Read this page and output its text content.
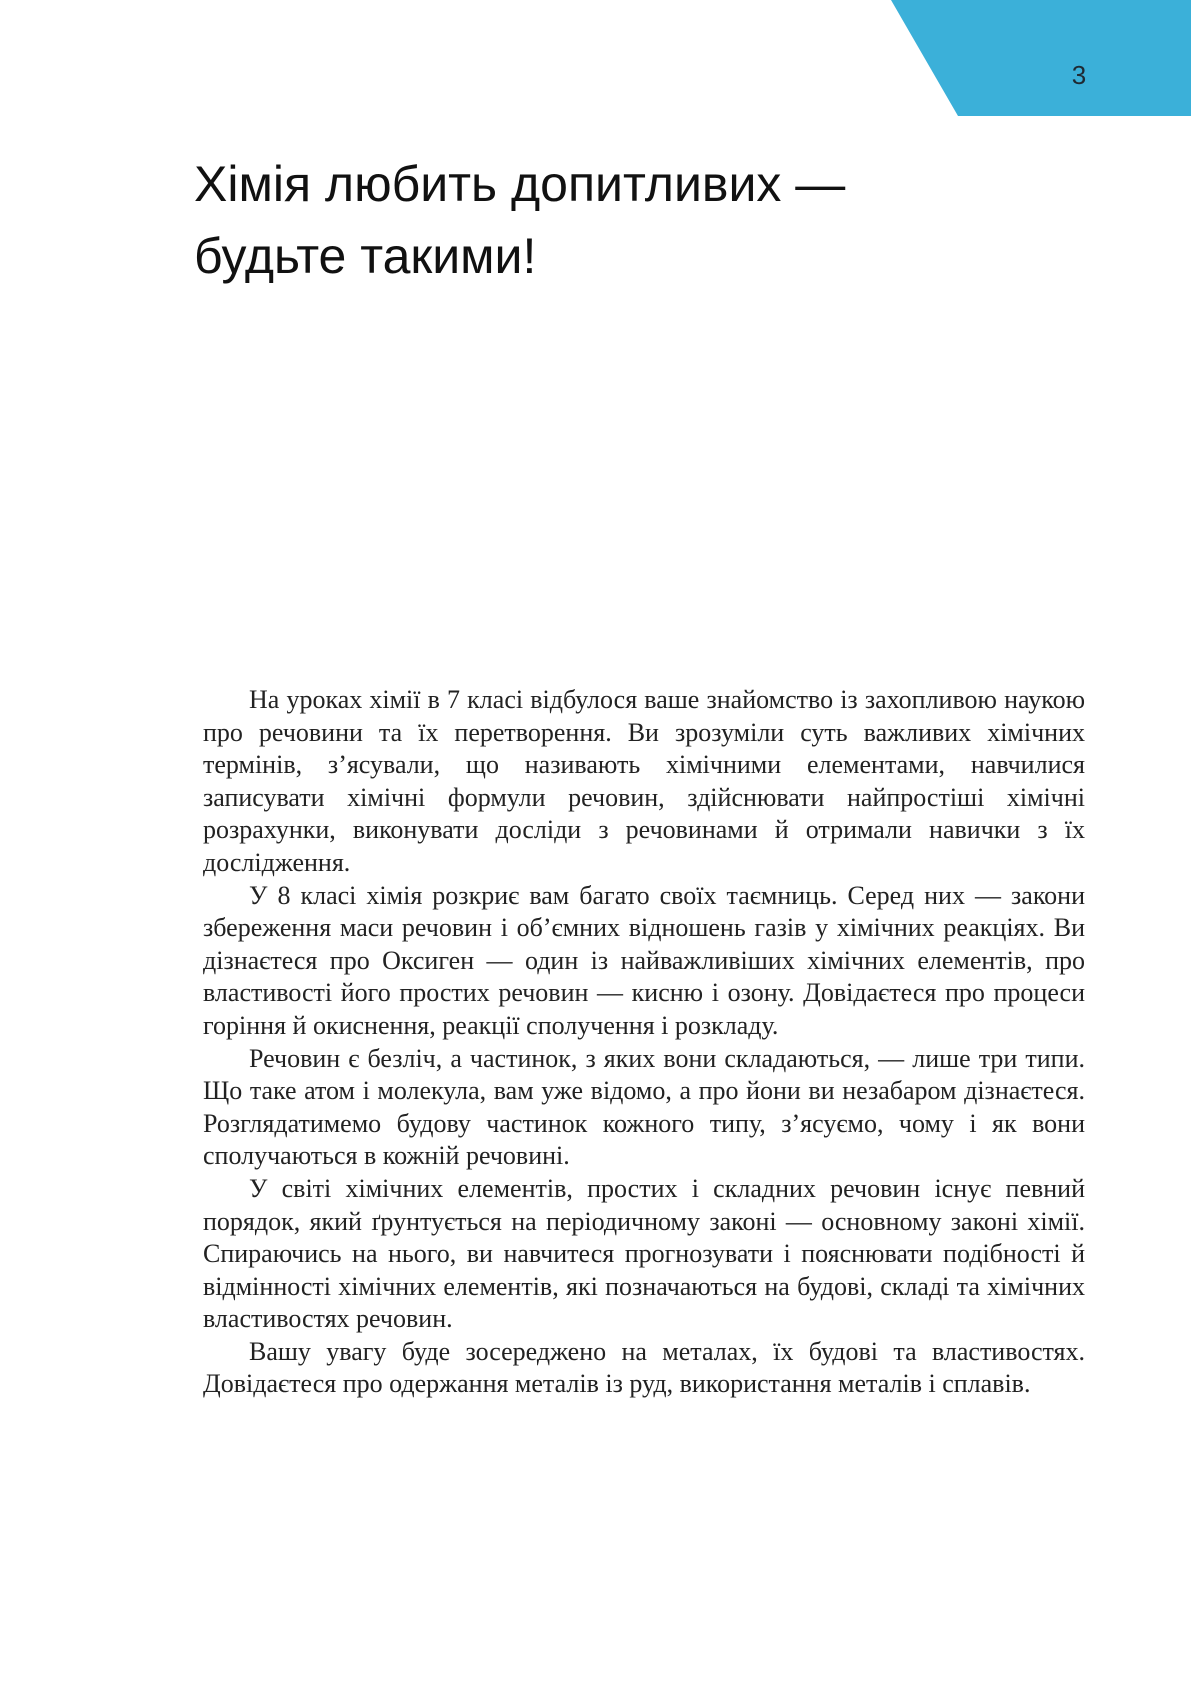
3
Хімія любить допитливих —
будьте такими!

На уроках хімії в 7 класі відбулося ваше знайомство із захопливою наукою про речовини та їх перетворення. Ви зрозуміли суть важливих хімічних термінів, з’ясували, що називають хімічними елементами, навчилися записувати хімічні формули речовин, здійснювати найпростіші хімічні розрахунки, виконувати досліди з речовинами й отримали навички з їх дослідження.

У 8 класі хімія розкриє вам багато своїх таємниць. Серед них — закони збереження маси речовин і об’ємних відношень газів у хімічних реакціях. Ви дізнаєтеся про Оксиген — один із найважливіших хімічних елементів, про властивості його простих речовин — кисню і озону. Довідаєтеся про процеси горіння й окиснення, реакції сполучення і розкладу.

Речовин є безліч, а частинок, з яких вони складаються, — лише три типи. Що таке атом і молекула, вам уже відомо, а про йони ви незабаром дізнаєтеся. Розглядатимемо будову частинок кожного типу, з’ясуємо, чому і як вони сполучаються в кожній речовині.

У світі хімічних елементів, простих і складних речовин існує певний порядок, який ґрунтується на періодичному законі — основному законі хімії. Спираючись на нього, ви навчитеся прогнозувати і пояснювати подібності й відмінності хімічних елементів, які позначаються на будові, складі та хімічних властивостях речовин.

Вашу увагу буде зосереджено на металах, їх будові та властивостях. Довідаєтеся про одержання металів із руд, використання металів і сплавів.
